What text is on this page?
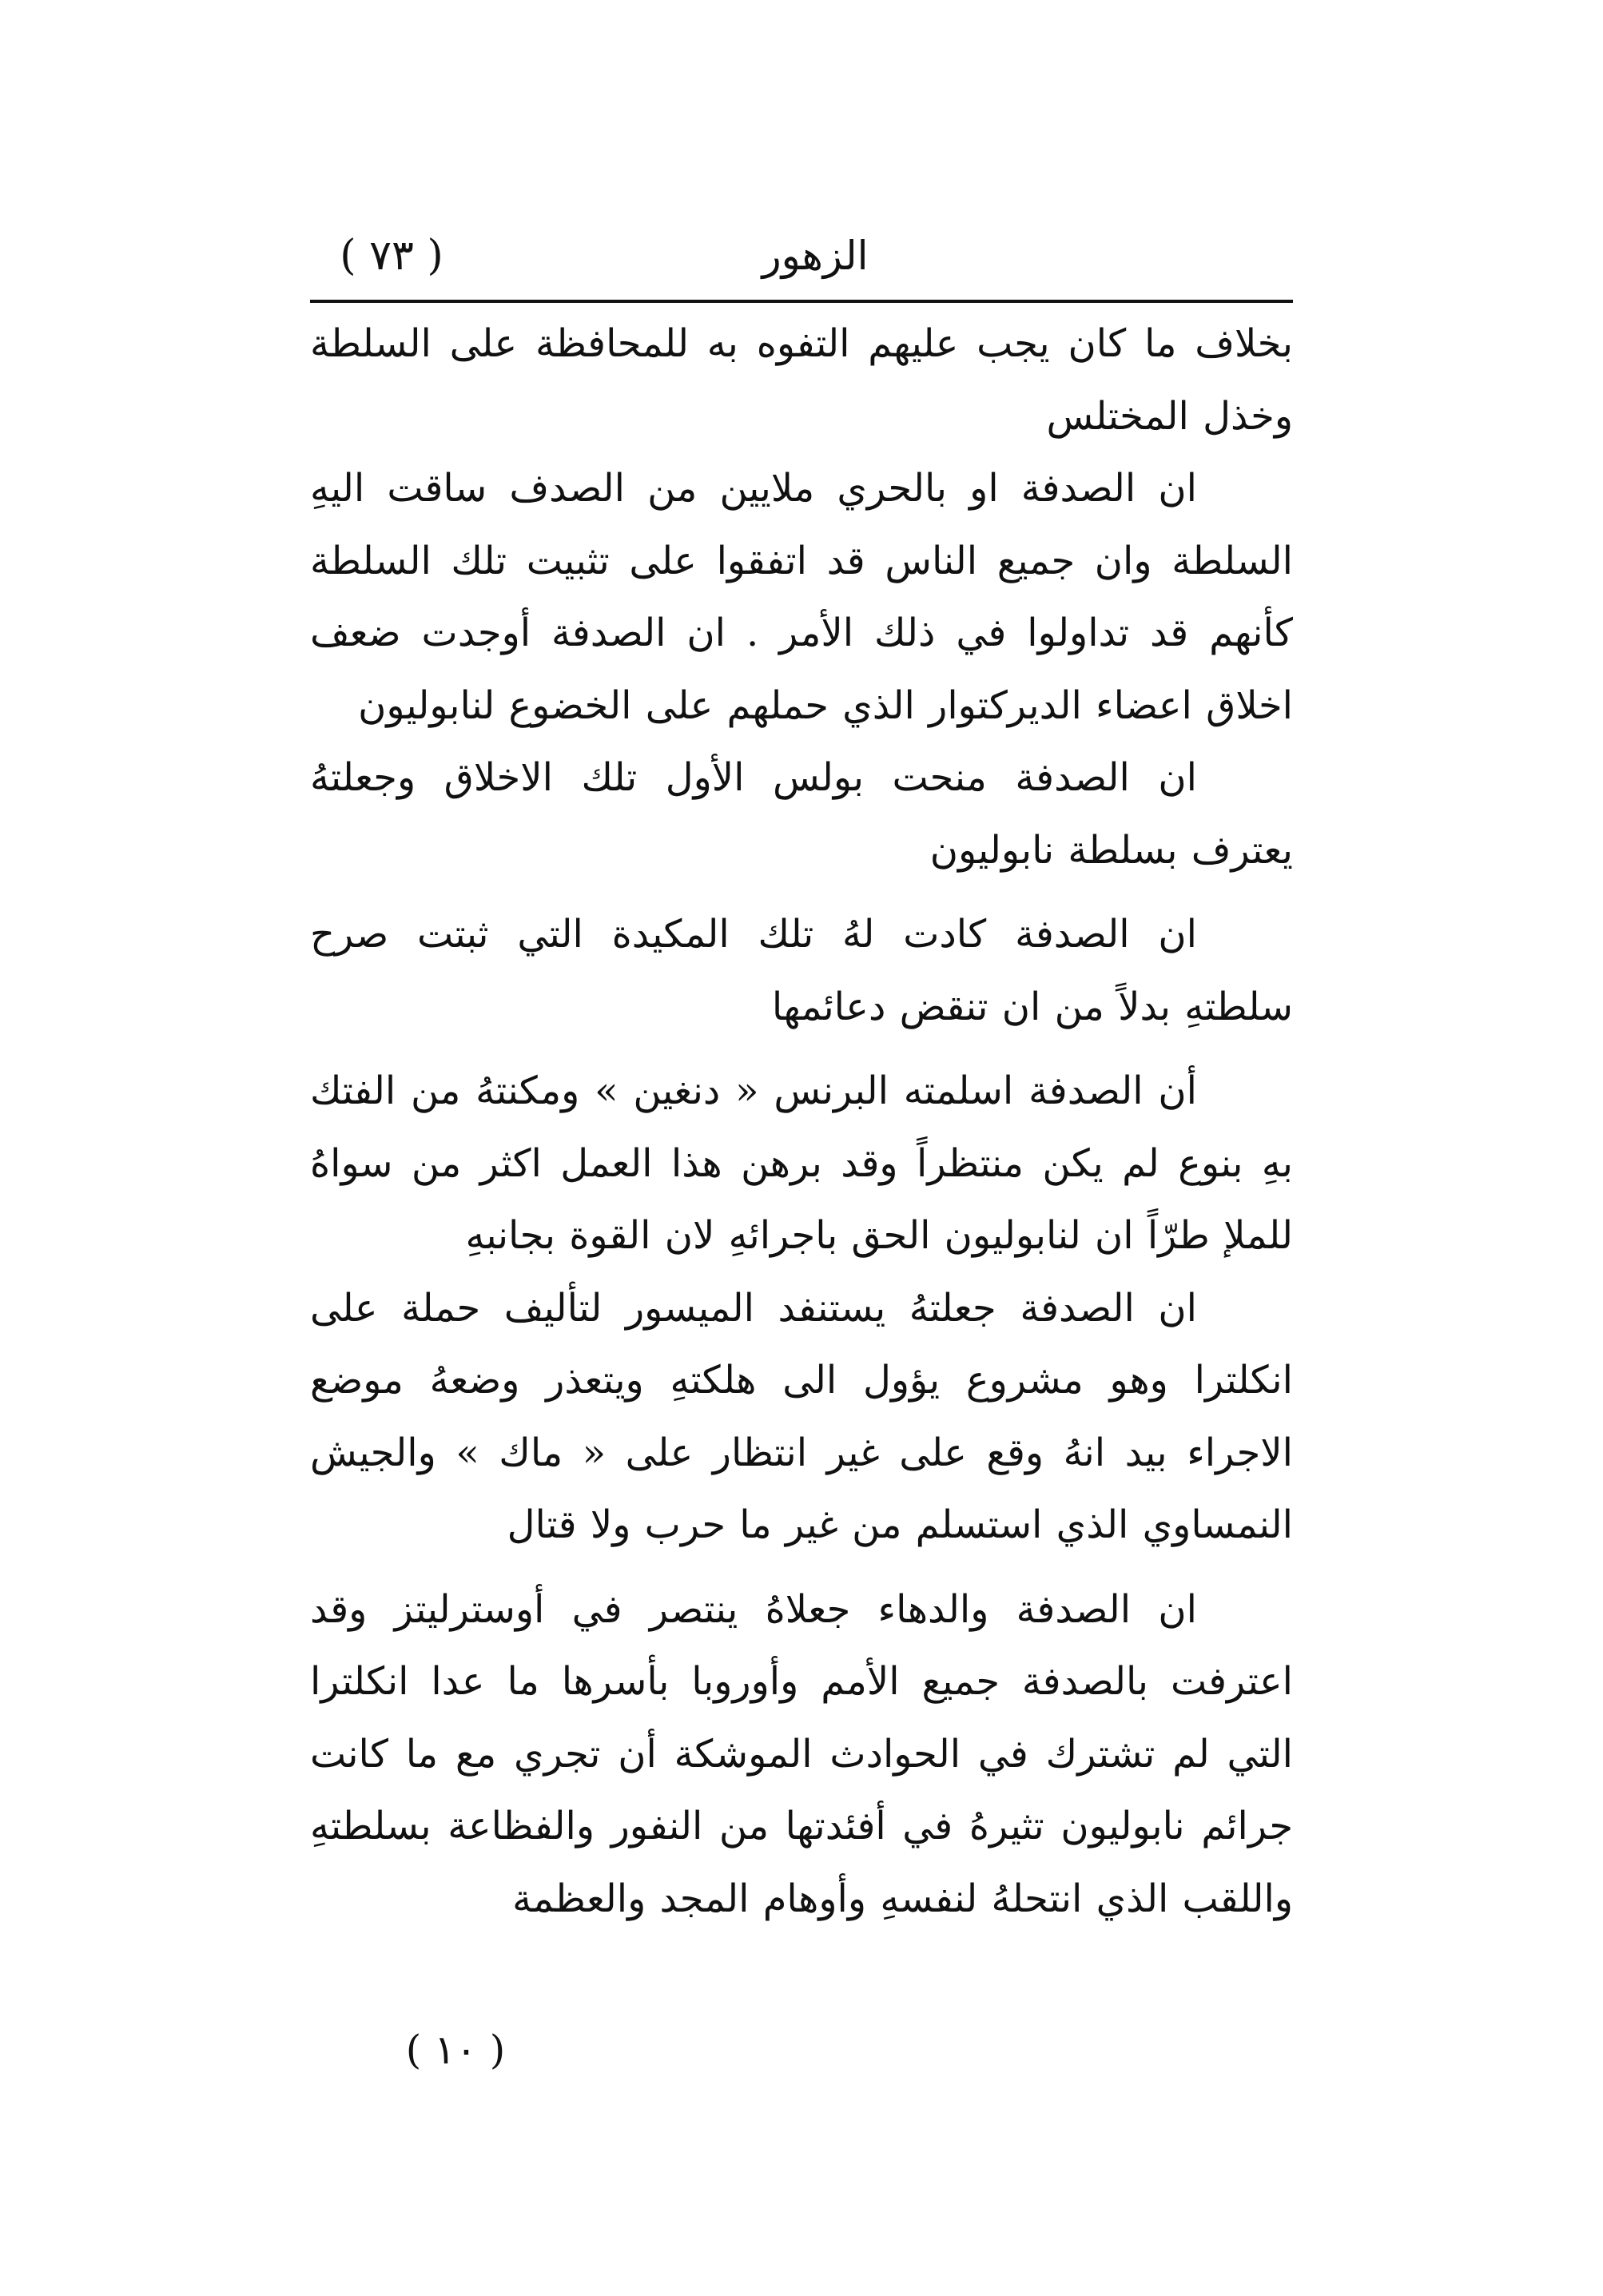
الزهور
( ٧٣ )

بخلاف ما كان يجب عليهم التفوه به للمحافظة على السلطة وخذل المختلس

ان الصدفة او بالحري ملايين من الصدف ساقت اليهِ السلطة وان جميع الناس قد اتفقوا على تثبيت تلك السلطة كأنهم قد تداولوا في ذلك الأمر . ان الصدفة أوجدت ضعف اخلاق اعضاء الديركتوار الذي حملهم على الخضوع لنابوليون

ان الصدفة منحت بولس الأول تلك الاخلاق وجعلتهُ يعترف بسلطة نابوليون

ان الصدفة كادت لهُ تلك المكيدة التي ثبتت صرح سلطتهِ بدلاً من ان تنقض دعائمها

أن الصدفة اسلمته البرنس « دنغين » ومكنتهُ من الفتك بهِ بنوع لم يكن منتظراً وقد برهن هذا العمل اكثر من سواهُ للملإ طرّاً ان لنابوليون الحق باجرائهِ لان القوة بجانبهِ

ان الصدفة جعلتهُ يستنفد الميسور لتأليف حملة على انكلترا وهو مشروع يؤول الى هلكتهِ ويتعذر وضعهُ موضع الاجراء بيد انهُ وقع على غير انتظار على « ماك » والجيش النمساوي الذي استسلم من غير ما حرب ولا قتال

ان الصدفة والدهاء جعلاهُ ينتصر في أوسترليتز وقد اعترفت بالصدفة جميع الأمم وأوروبا بأسرها ما عدا انكلترا التي لم تشترك في الحوادث الموشكة أن تجري مع ما كانت جرائم نابوليون تثيرهُ في أفئدتها من النفور والفظاعة بسلطتهِ واللقب الذي انتحلهُ لنفسهِ وأوهام المجد والعظمة

( ١٠ )
